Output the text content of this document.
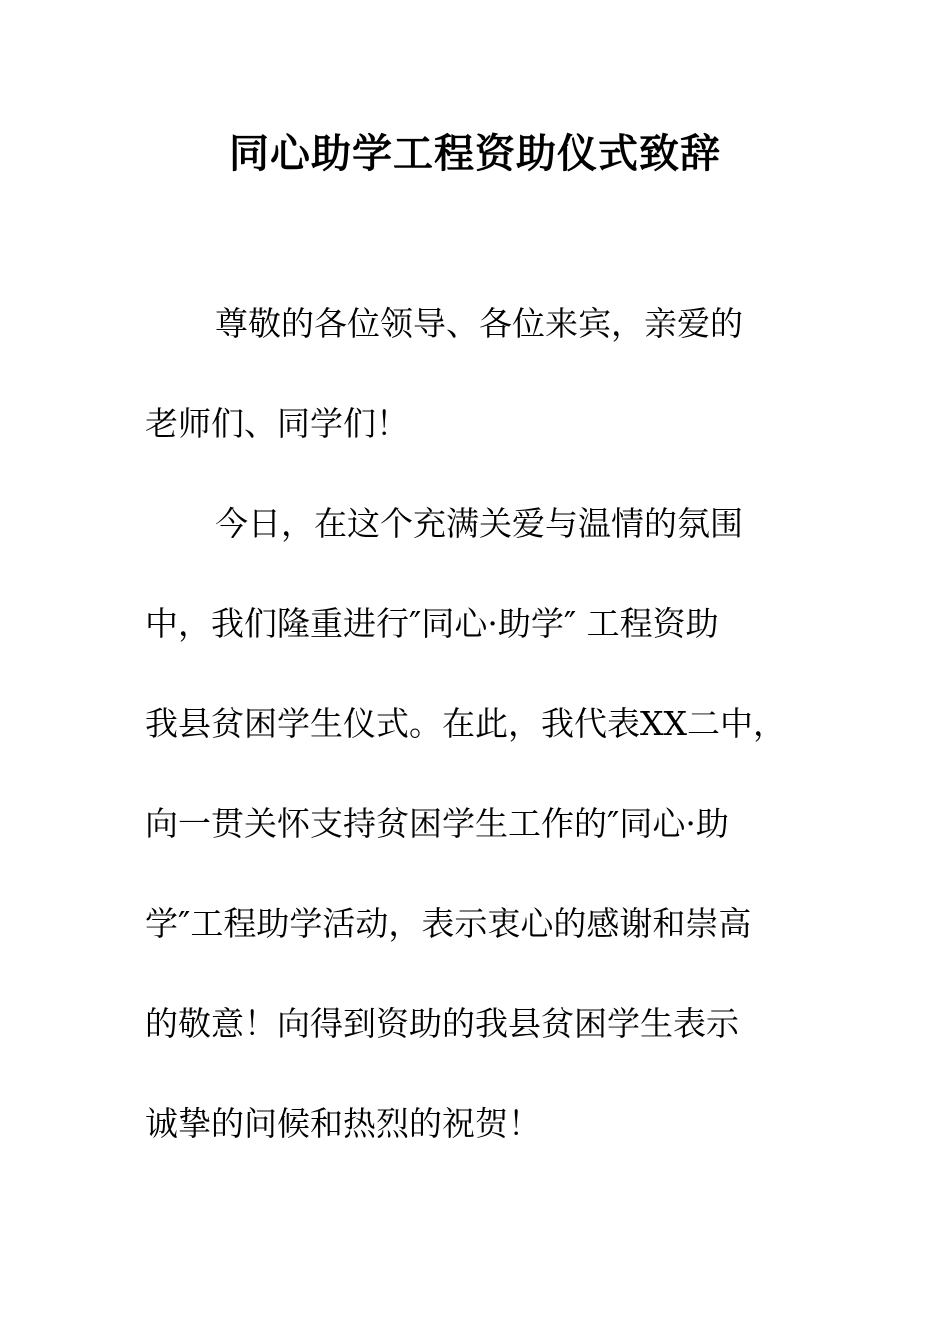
同心助学工程资助仪式致辞

尊敬的各位领导、各位来宾，亲爱的

老师们、同学们！

今日，在这个充满关爱与温情的氛围

中，我们隆重进行″同心·助学″ 工程资助

我县贫困学生仪式。在此，我代表XX二中，

向一贯关怀支持贫困学生工作的″同心·助

学″工程助学活动，表示衷心的感谢和崇高

的敬意！向得到资助的我县贫困学生表示

诚挚的问候和热烈的祝贺！
